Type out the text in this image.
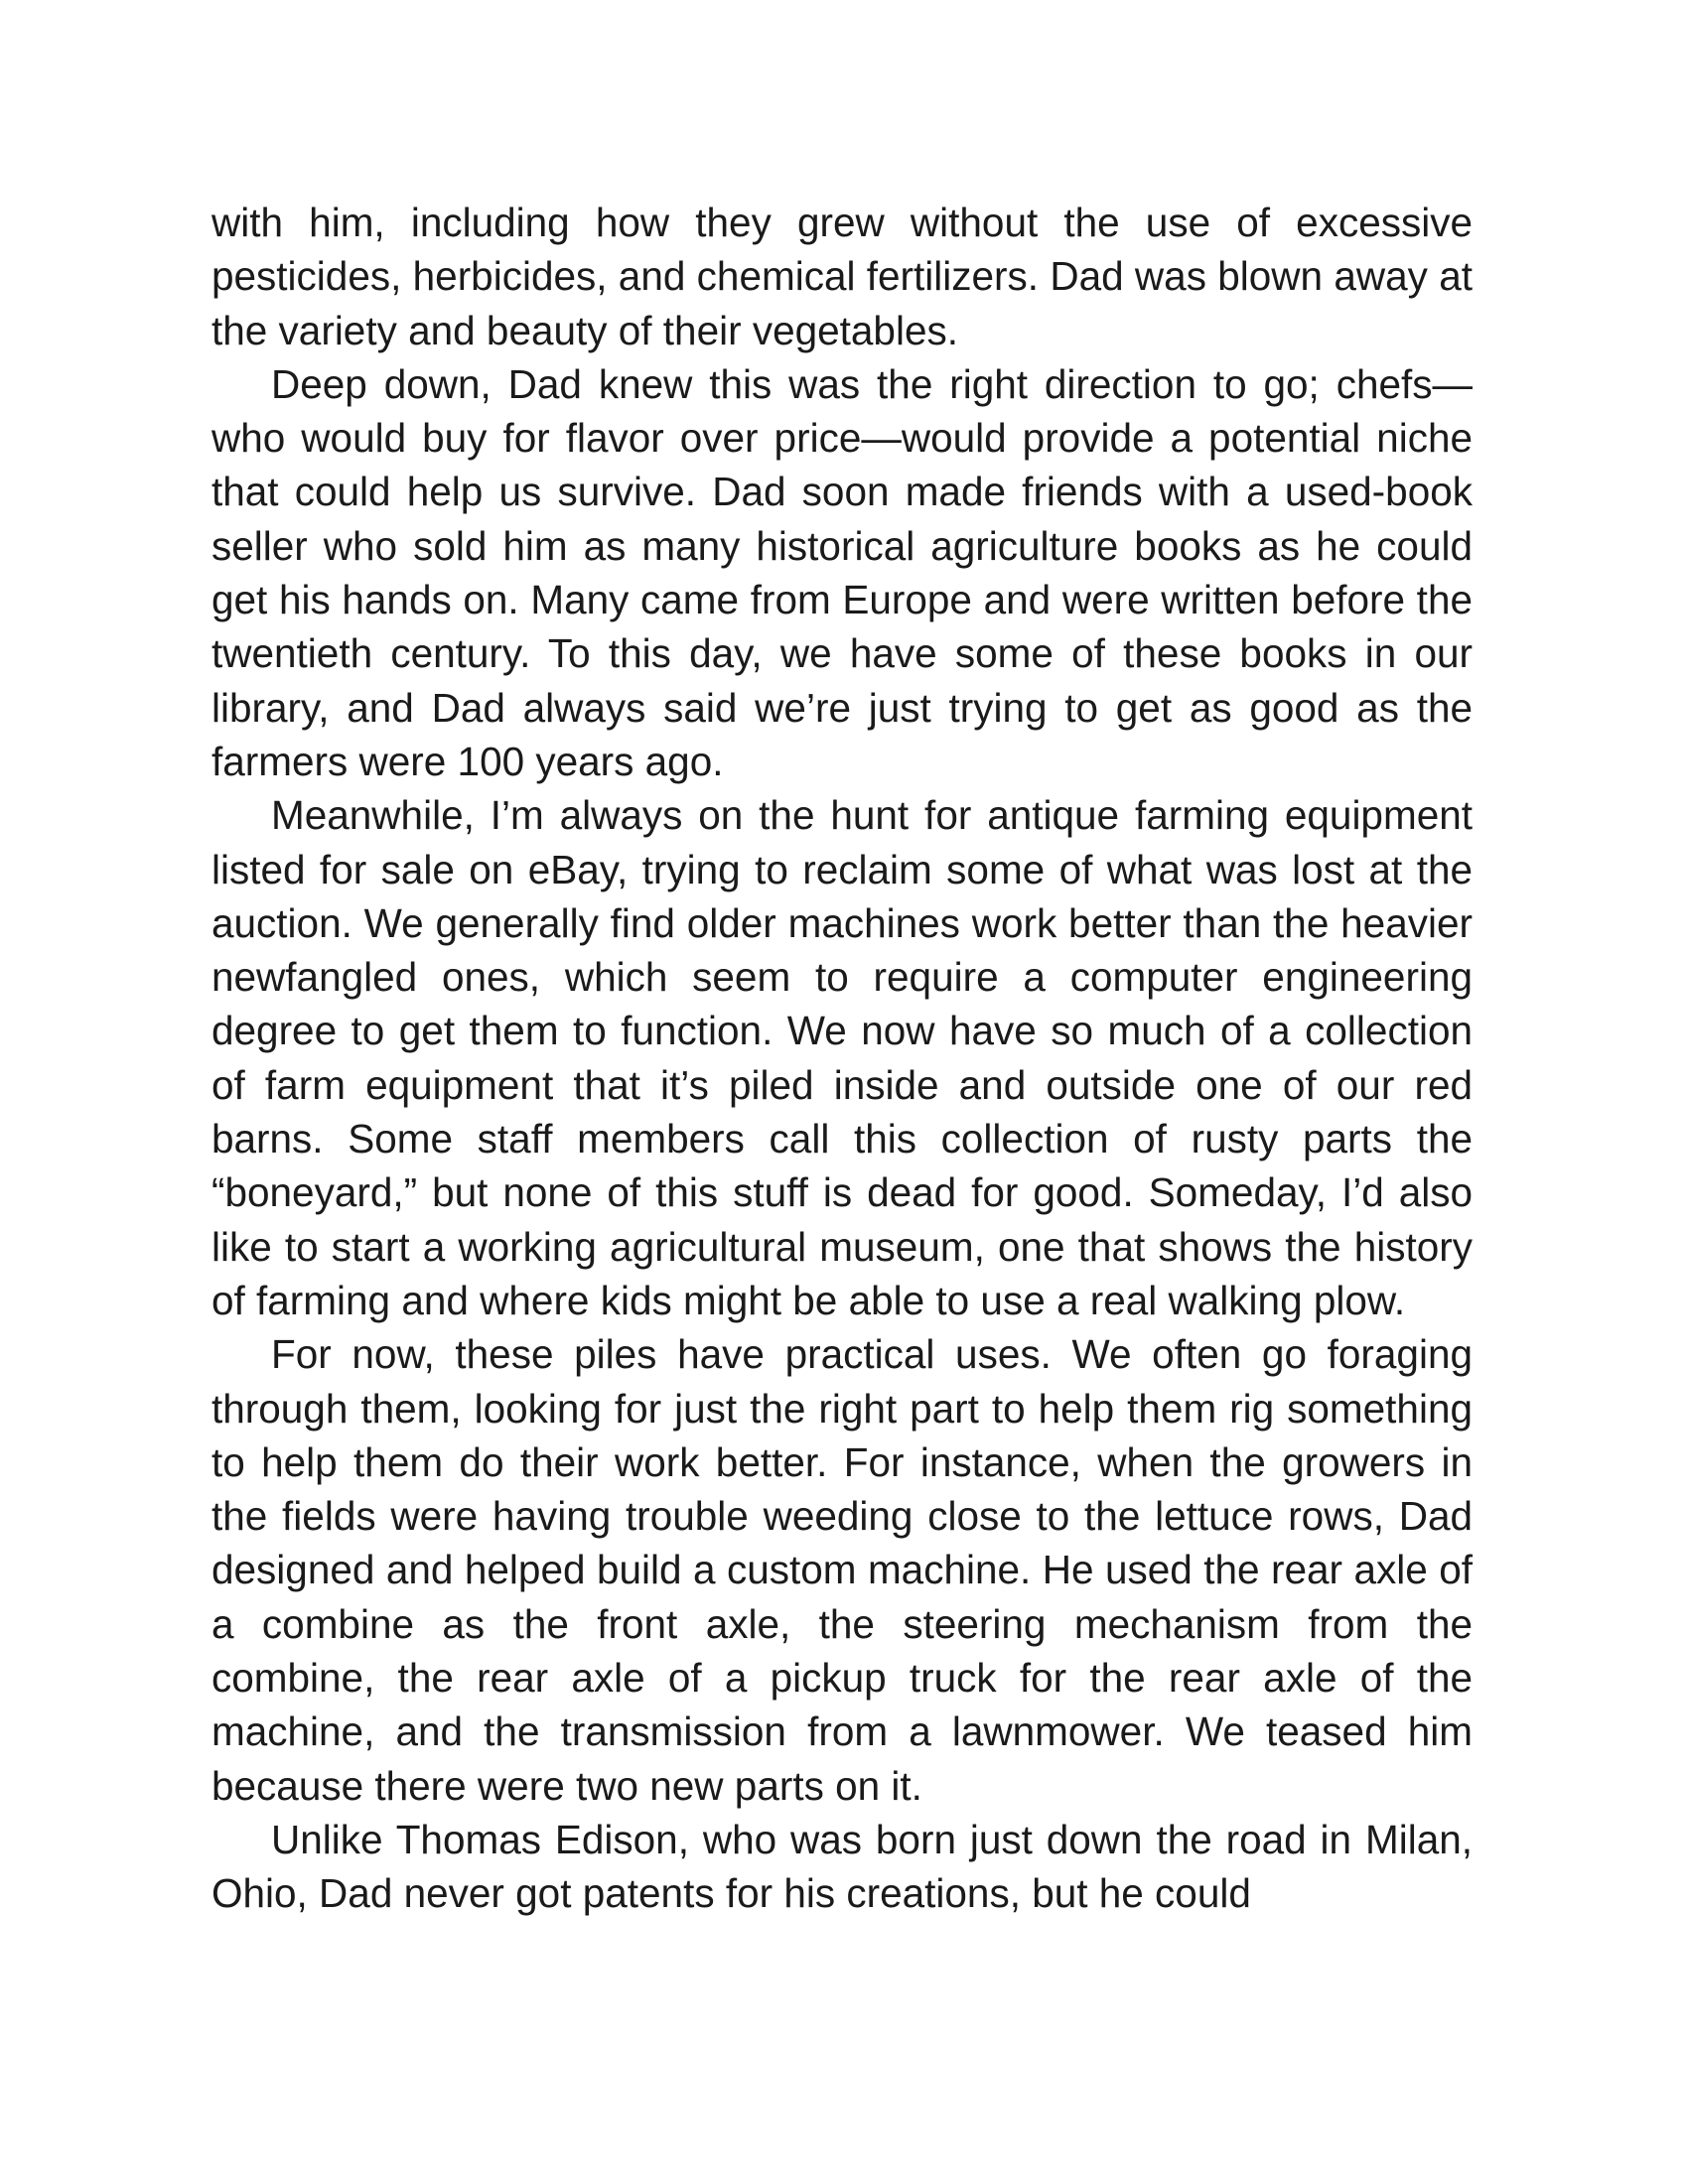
with him, including how they grew without the use of excessive pesticides, herbicides, and chemical fertilizers. Dad was blown away at the variety and beauty of their vegetables.

Deep down, Dad knew this was the right direction to go; chefs—who would buy for flavor over price—would provide a potential niche that could help us survive. Dad soon made friends with a used-book seller who sold him as many historical agriculture books as he could get his hands on. Many came from Europe and were written before the twentieth century. To this day, we have some of these books in our library, and Dad always said we’re just trying to get as good as the farmers were 100 years ago.

Meanwhile, I’m always on the hunt for antique farming equipment listed for sale on eBay, trying to reclaim some of what was lost at the auction. We generally find older machines work better than the heavier newfangled ones, which seem to require a computer engineering degree to get them to function. We now have so much of a collection of farm equipment that it’s piled inside and outside one of our red barns. Some staff members call this collection of rusty parts the “boneyard,” but none of this stuff is dead for good. Someday, I’d also like to start a working agricultural museum, one that shows the history of farming and where kids might be able to use a real walking plow.

For now, these piles have practical uses. We often go foraging through them, looking for just the right part to help them rig something to help them do their work better. For instance, when the growers in the fields were having trouble weeding close to the lettuce rows, Dad designed and helped build a custom machine. He used the rear axle of a combine as the front axle, the steering mechanism from the combine, the rear axle of a pickup truck for the rear axle of the machine, and the transmission from a lawnmower. We teased him because there were two new parts on it.

Unlike Thomas Edison, who was born just down the road in Milan, Ohio, Dad never got patents for his creations, but he could
